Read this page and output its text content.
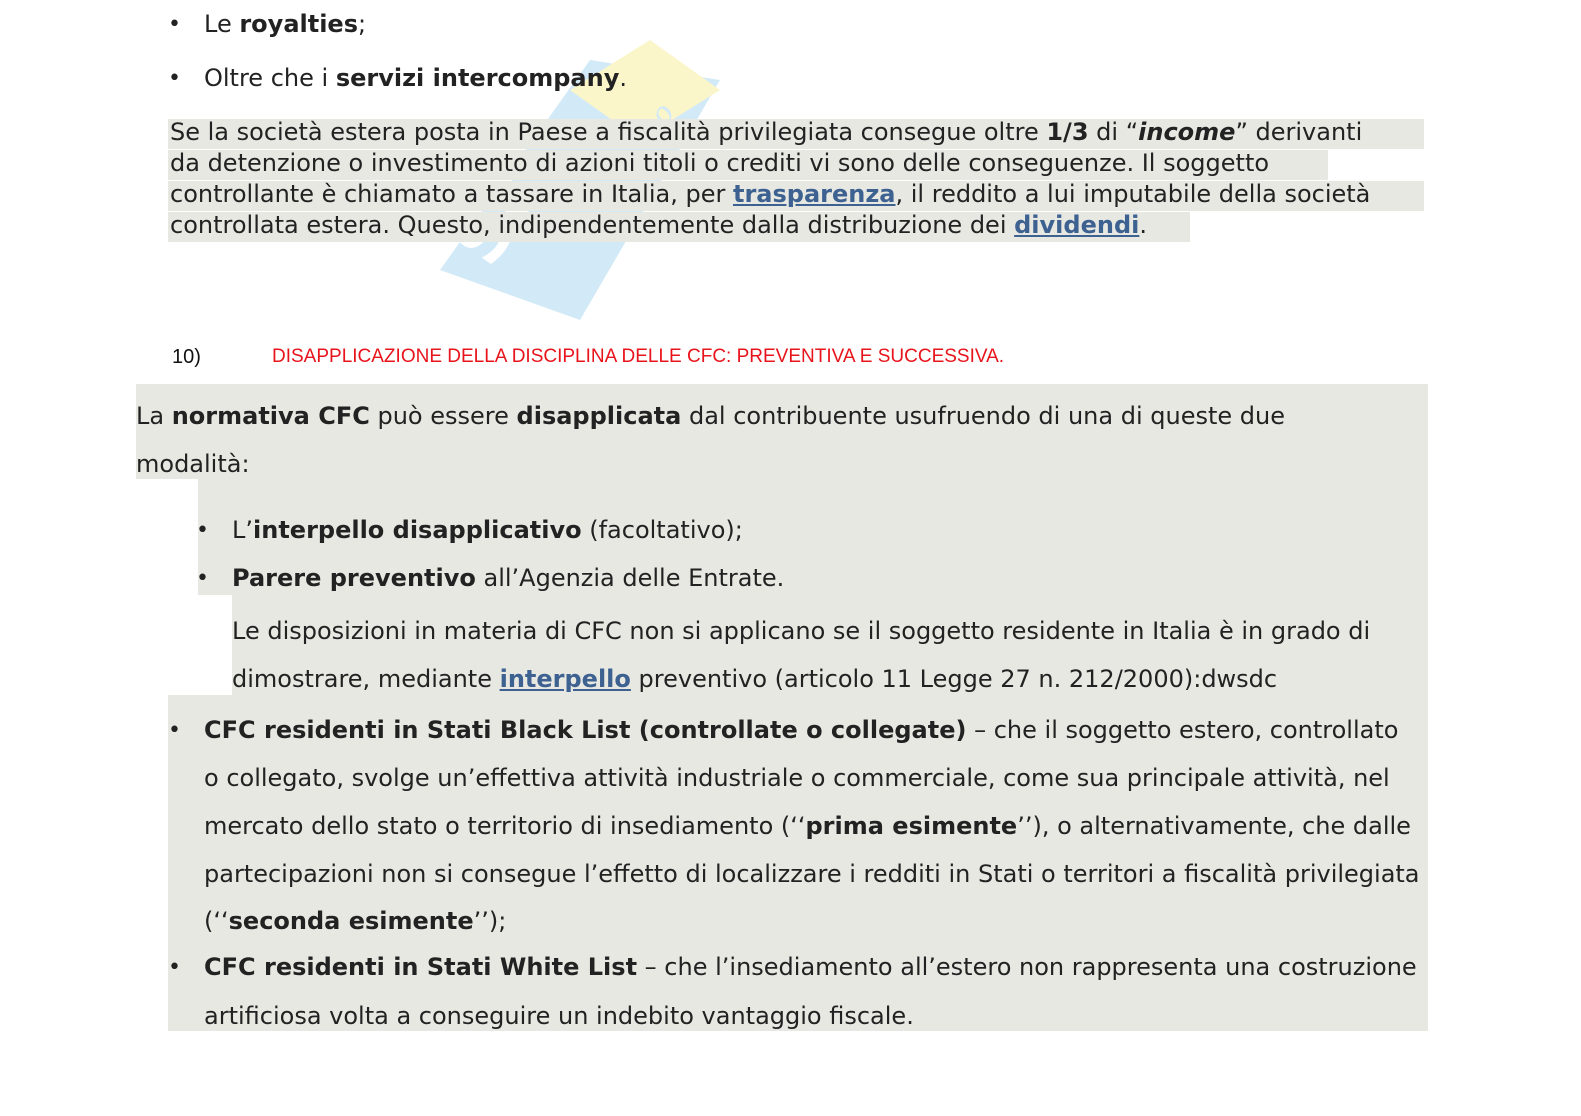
• Le royalties;
• Oltre che i servizi intercompany.
Se la società estera posta in Paese a fiscalità privilegiata consegue oltre 1/3 di “income” derivanti
da detenzione o investimento di azioni titoli o crediti vi sono delle conseguenze. Il soggetto
controllante è chiamato a tassare in Italia, per trasparenza, il reddito a lui imputabile della società
controllata estera. Questo, indipendentemente dalla distribuzione dei dividendi.
10)	DISAPPLICAZIONE DELLA DISCIPLINA DELLE CFC: PREVENTIVA E SUCCESSIVA.
La normativa CFC può essere disapplicata dal contribuente usufruendo di una di queste due
modalità:
• L’interpello disapplicativo (facoltativo);
• Parere preventivo all’Agenzia delle Entrate.
Le disposizioni in materia di CFC non si applicano se il soggetto residente in Italia è in grado di
dimostrare, mediante interpello preventivo (articolo 11 Legge 27 n. 212/2000):dwsdc
• CFC residenti in Stati Black List (controllate o collegate) – che il soggetto estero, controllato
o collegato, svolge un’effettiva attività industriale o commerciale, come sua principale attività, nel
mercato dello stato o territorio di insediamento (‘‘prima esimente’’), o alternativamente, che dalle
partecipazioni non si consegue l’effetto di localizzare i redditi in Stati o territori a fiscalità privilegiata
(‘‘seconda esimente’’);
• CFC residenti in Stati White List – che l’insediamento all’estero non rappresenta una costruzione
artificiosa volta a conseguire un indebito vantaggio fiscale.
